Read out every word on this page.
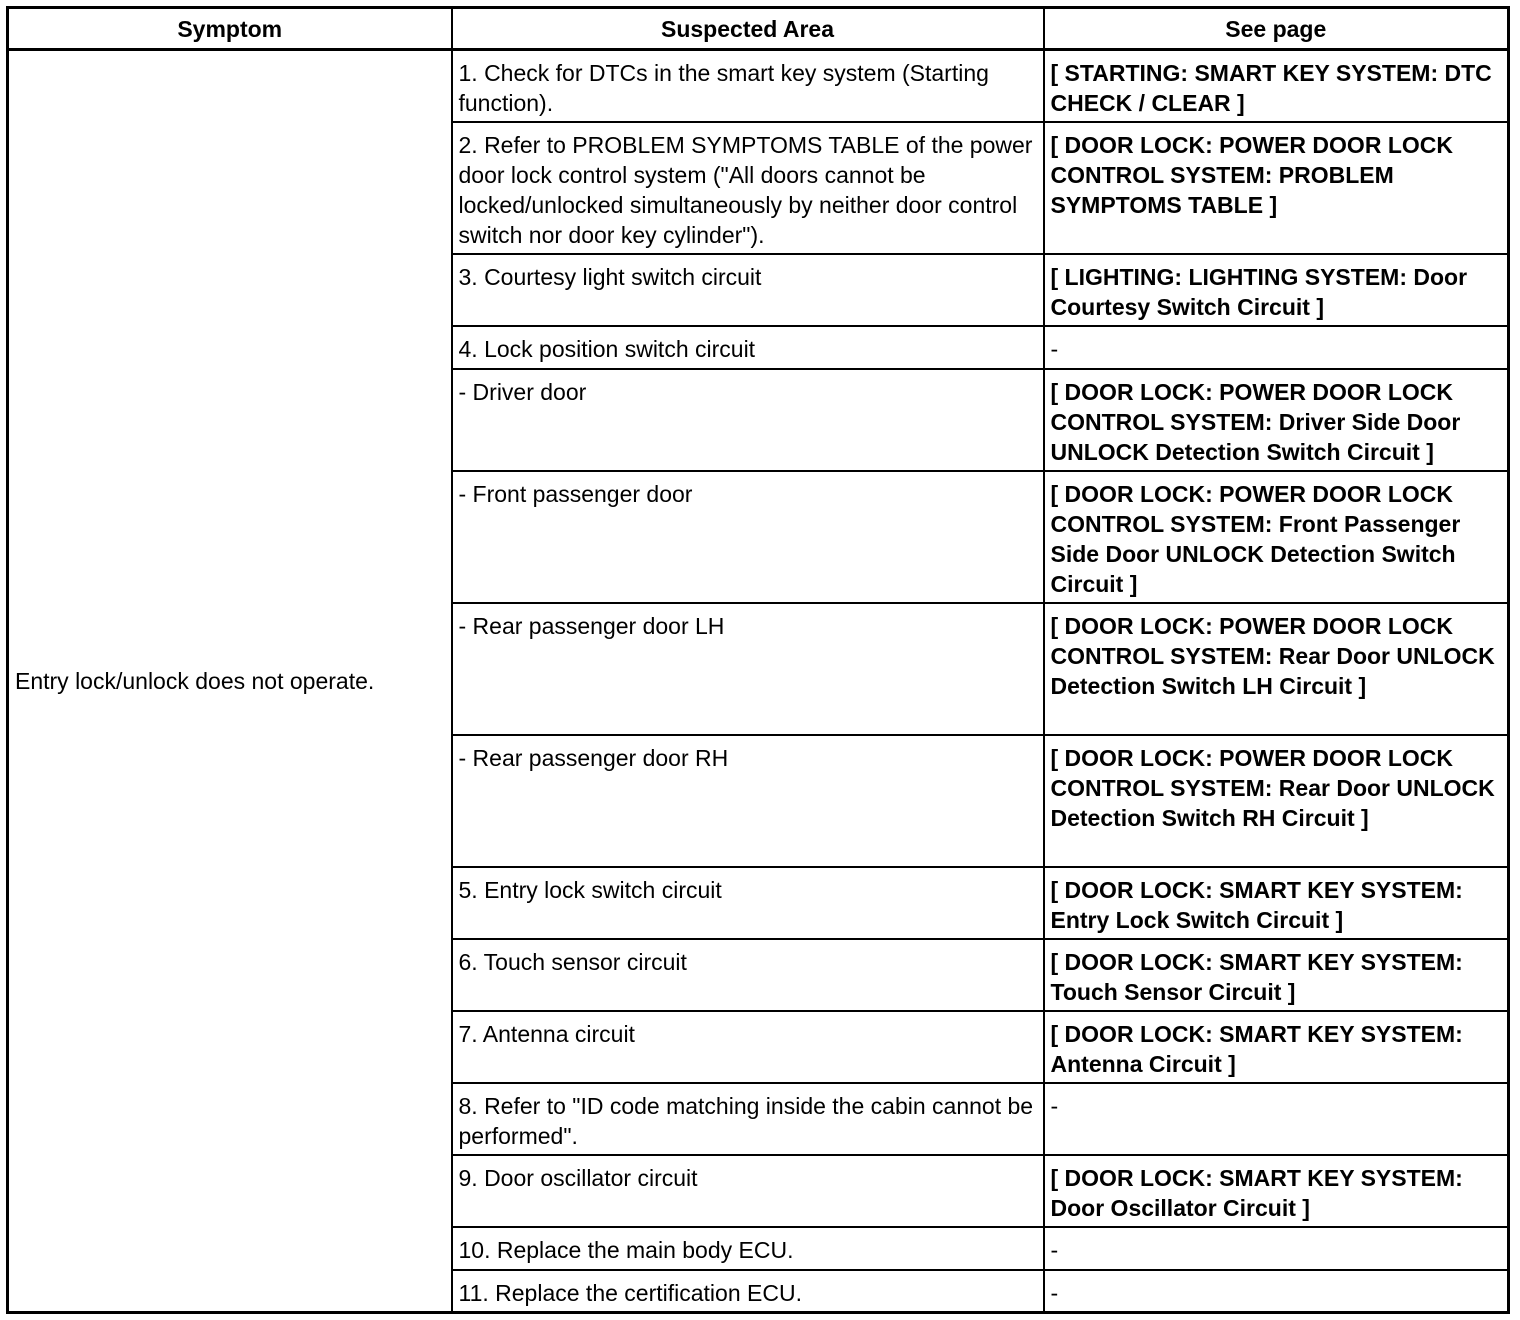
Symptom	Suspected Area	See page
Entry lock/unlock does not operate.	1. Check for DTCs in the smart key system (Starting function).	[ STARTING: SMART KEY SYSTEM: DTC CHECK / CLEAR ]
	2. Refer to PROBLEM SYMPTOMS TABLE of the power door lock control system ("All doors cannot be locked/unlocked simultaneously by neither door control switch nor door key cylinder").	[ DOOR LOCK: POWER DOOR LOCK CONTROL SYSTEM: PROBLEM SYMPTOMS TABLE ]
	3. Courtesy light switch circuit	[ LIGHTING: LIGHTING SYSTEM: Door Courtesy Switch Circuit ]
	4. Lock position switch circuit	-
	- Driver door	[ DOOR LOCK: POWER DOOR LOCK CONTROL SYSTEM: Driver Side Door UNLOCK Detection Switch Circuit ]
	- Front passenger door	[ DOOR LOCK: POWER DOOR LOCK CONTROL SYSTEM: Front Passenger Side Door UNLOCK Detection Switch Circuit ]
	- Rear passenger door LH	[ DOOR LOCK: POWER DOOR LOCK CONTROL SYSTEM: Rear Door UNLOCK Detection Switch LH Circuit ]
	- Rear passenger door RH	[ DOOR LOCK: POWER DOOR LOCK CONTROL SYSTEM: Rear Door UNLOCK Detection Switch RH Circuit ]
	5. Entry lock switch circuit	[ DOOR LOCK: SMART KEY SYSTEM: Entry Lock Switch Circuit ]
	6. Touch sensor circuit	[ DOOR LOCK: SMART KEY SYSTEM: Touch Sensor Circuit ]
	7. Antenna circuit	[ DOOR LOCK: SMART KEY SYSTEM: Antenna Circuit ]
	8. Refer to "ID code matching inside the cabin cannot be performed".	-
	9. Door oscillator circuit	[ DOOR LOCK: SMART KEY SYSTEM: Door Oscillator Circuit ]
	10. Replace the main body ECU.	-
	11. Replace the certification ECU.	-
